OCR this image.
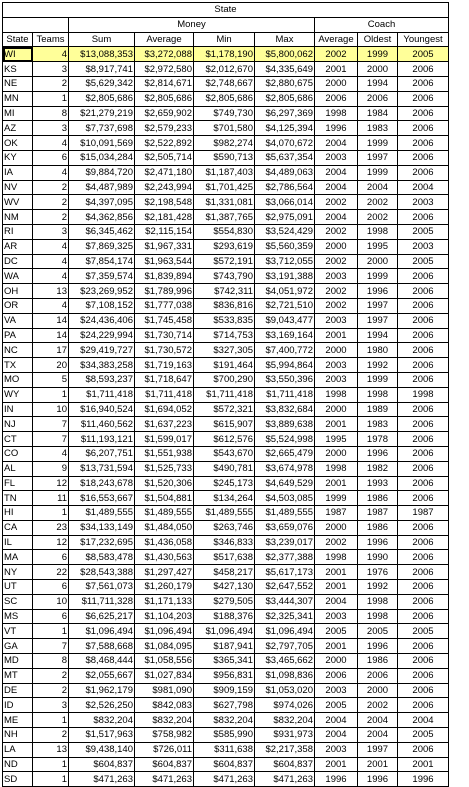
State								
		Money				Coach		
State	Teams	Sum	Average	Min	Max	Average	Oldest	Youngest
WI	4	$13,088,353	$3,272,088	$1,178,190	$5,800,062	2002	1999	2005
KS	3	$8,917,741	$2,972,580	$2,012,670	$4,335,649	2001	2000	2006
NE	2	$5,629,342	$2,814,671	$2,748,667	$2,880,675	2000	1994	2006
MN	1	$2,805,686	$2,805,686	$2,805,686	$2,805,686	2006	2006	2006
MI	8	$21,279,219	$2,659,902	$749,730	$6,297,369	1998	1984	2006
AZ	3	$7,737,698	$2,579,233	$701,580	$4,125,394	1996	1983	2006
OK	4	$10,091,569	$2,522,892	$982,274	$4,070,672	2004	1999	2006
KY	6	$15,034,284	$2,505,714	$590,713	$5,637,354	2003	1997	2006
IA	4	$9,884,720	$2,471,180	$1,187,403	$4,489,063	2004	1999	2006
NV	2	$4,487,989	$2,243,994	$1,701,425	$2,786,564	2004	2004	2004
WV	2	$4,397,095	$2,198,548	$1,331,081	$3,066,014	2002	2002	2003
NM	2	$4,362,856	$2,181,428	$1,387,765	$2,975,091	2004	2002	2006
RI	3	$6,345,462	$2,115,154	$554,830	$3,524,429	2002	1998	2005
AR	4	$7,869,325	$1,967,331	$293,619	$5,560,359	2000	1995	2003
DC	4	$7,854,174	$1,963,544	$572,191	$3,712,055	2002	2000	2005
WA	4	$7,359,574	$1,839,894	$743,790	$3,191,388	2003	1999	2006
OH	13	$23,269,952	$1,789,996	$742,311	$4,051,972	2002	1996	2006
OR	4	$7,108,152	$1,777,038	$836,816	$2,721,510	2002	1997	2006
VA	14	$24,436,406	$1,745,458	$533,835	$9,043,477	2003	1997	2006
PA	14	$24,229,994	$1,730,714	$714,753	$3,169,164	2001	1994	2006
NC	17	$29,419,727	$1,730,572	$327,305	$7,400,772	2000	1980	2006
TX	20	$34,383,258	$1,719,163	$191,464	$5,994,864	2003	1992	2006
MO	5	$8,593,237	$1,718,647	$700,290	$3,550,396	2003	1999	2006
WY	1	$1,711,418	$1,711,418	$1,711,418	$1,711,418	1998	1998	1998
IN	10	$16,940,524	$1,694,052	$572,321	$3,832,684	2000	1989	2006
NJ	7	$11,460,562	$1,637,223	$615,907	$3,889,638	2001	1983	2006
CT	7	$11,193,121	$1,599,017	$612,576	$5,524,998	1995	1978	2006
CO	4	$6,207,751	$1,551,938	$543,670	$2,665,479	2000	1996	2006
AL	9	$13,731,594	$1,525,733	$490,781	$3,674,978	1998	1982	2006
FL	12	$18,243,678	$1,520,306	$245,173	$4,649,529	2001	1993	2006
TN	11	$16,553,667	$1,504,881	$134,264	$4,503,085	1999	1986	2006
HI	1	$1,489,555	$1,489,555	$1,489,555	$1,489,555	1987	1987	1987
CA	23	$34,133,149	$1,484,050	$263,746	$3,659,076	2000	1986	2006
IL	12	$17,232,695	$1,436,058	$346,833	$3,239,017	2002	1996	2006
MA	6	$8,583,478	$1,430,563	$517,638	$2,377,388	1998	1990	2006
NY	22	$28,543,388	$1,297,427	$458,217	$5,617,173	2001	1976	2006
UT	6	$7,561,073	$1,260,179	$427,130	$2,647,552	2001	1992	2006
SC	10	$11,711,328	$1,171,133	$279,505	$3,444,307	2004	1998	2006
MS	6	$6,625,217	$1,104,203	$188,376	$2,325,341	2003	1998	2006
VT	1	$1,096,494	$1,096,494	$1,096,494	$1,096,494	2005	2005	2005
GA	7	$7,588,668	$1,084,095	$187,941	$2,797,705	2001	1996	2006
MD	8	$8,468,444	$1,058,556	$365,341	$3,465,662	2000	1986	2006
MT	2	$2,055,667	$1,027,834	$956,831	$1,098,836	2006	2006	2006
DE	2	$1,962,179	$981,090	$909,159	$1,053,020	2003	2000	2006
ID	3	$2,526,250	$842,083	$627,798	$974,026	2005	2002	2006
ME	1	$832,204	$832,204	$832,204	$832,204	2004	2004	2004
NH	2	$1,517,963	$758,982	$585,990	$931,973	2004	2004	2005
LA	13	$9,438,140	$726,011	$311,638	$2,217,358	2003	1997	2006
ND	1	$604,837	$604,837	$604,837	$604,837	2001	2001	2001
SD	1	$471,263	$471,263	$471,263	$471,263	1996	1996	1996
